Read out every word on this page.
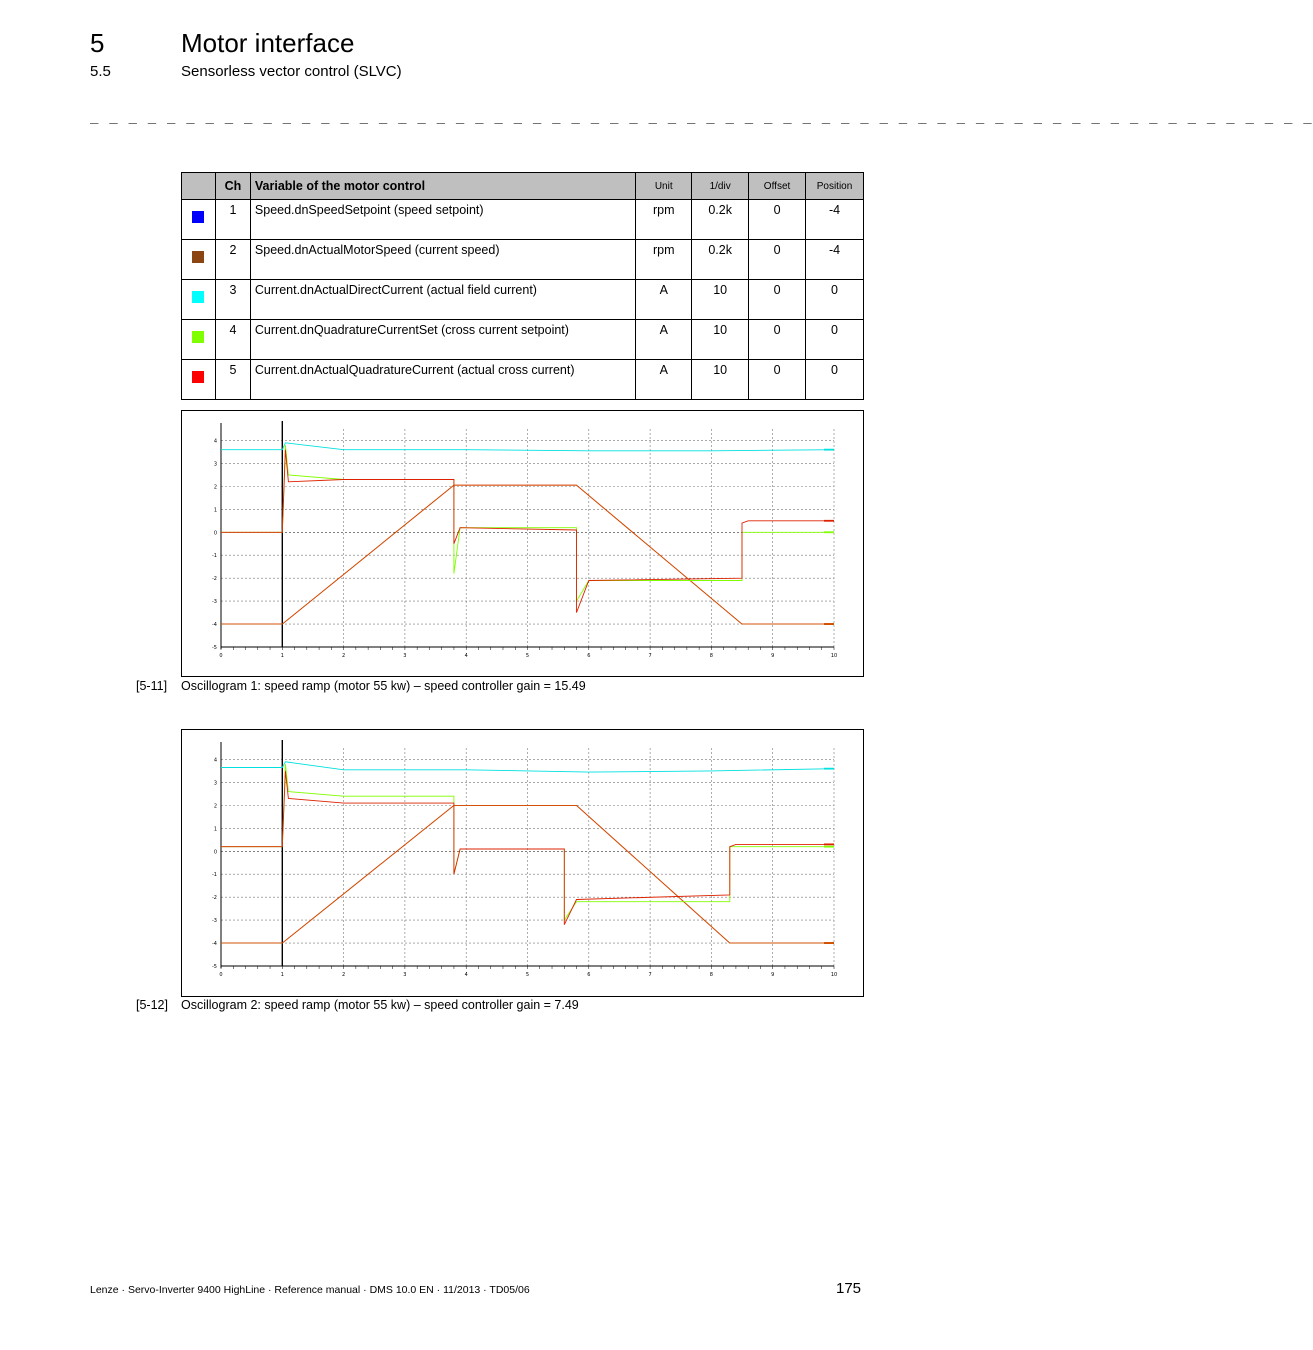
5	Motor interface
5.5	Sensorless vector control (SLVC)
_ _ _ _ _ _ _ _ _ _ _ _ _ _ _ _ _ _ _ _ _ _ _ _ _ _ _ _ _ _ _ _ _ _ _ _ _ _ _ _ _ _ _ _ _ _ _ _ _ _ _ _ _ _ _ _ _ _ _ _ _ _ _ _
	Ch	Variable of the motor control	Unit	1/div	Offset	Position
	1	Speed.dnSpeedSetpoint (speed setpoint)	rpm	0.2k	0	-4
	2	Speed.dnActualMotorSpeed (current speed)	rpm	0.2k	0	-4
	3	Current.dnActualDirectCurrent (actual field current)	A	10	0	0
	4	Current.dnQuadratureCurrentSet (cross current setpoint)	A	10	0	0
	5	Current.dnActualQuadratureCurrent (actual cross current)	A	10	0	0
0	1	2	3	4	5	6	7	8	9	10
4
3
2
1
0
-1
-2
-3
-4
-5
[5-11] Oscillogram 1: speed ramp (motor 55 kw) – speed controller gain = 15.49
0	1	2	3	4	5	6	7	8	9	10
4
3
2
1
0
-1
-2
-3
-4
-5
[5-12] Oscillogram 2: speed ramp (motor 55 kw) – speed controller gain = 7.49
Lenze · Servo-Inverter 9400 HighLine · Reference manual · DMS 10.0 EN · 11/2013 · TD05/06	175
